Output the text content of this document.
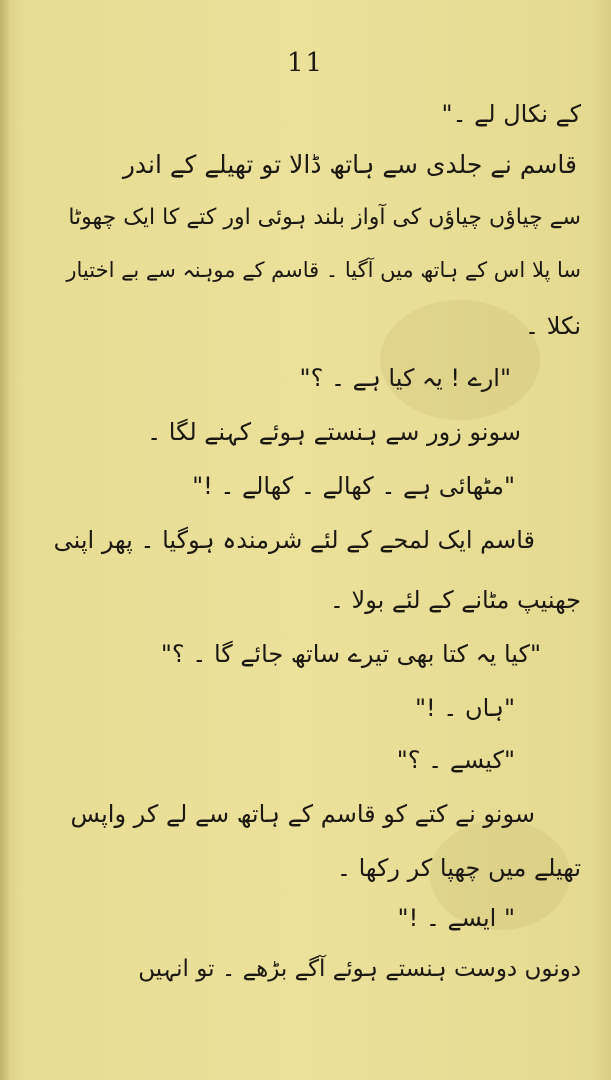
11
کے نکال لے ۔"
قاسم نے جلدی سے ہاتھ ڈالا تو تھیلے کے اندر
سے چیاؤں چیاؤں کی آواز بلند ہوئی اور کتے کا ایک چھوٹا
سا پلا اس کے ہاتھ میں آگیا ۔ قاسم کے موہنہ سے بے اختیار
نکلا ۔
"ارے ! یہ کیا ہے ۔ ؟"
سونو زور سے ہنستے ہوئے کہنے لگا ۔
"مٹھائی ہے ۔ کھالے ۔ کھالے ۔ !"
قاسم ایک لمحے کے لئے شرمندہ ہوگیا ۔ پھر اپنی
جھنیپ مٹانے کے لئے بولا ۔
"کیا یہ کتا بھی تیرے ساتھ جائے گا ۔ ؟"
"ہاں ۔ !"
"کیسے ۔ ؟"
سونو نے کتے کو قاسم کے ہاتھ سے لے کر واپس
تھیلے میں چھپا کر رکھا ۔
" ایسے ۔ !"
دونوں دوست ہنستے ہوئے آگے بڑھے ۔ تو انہیں
